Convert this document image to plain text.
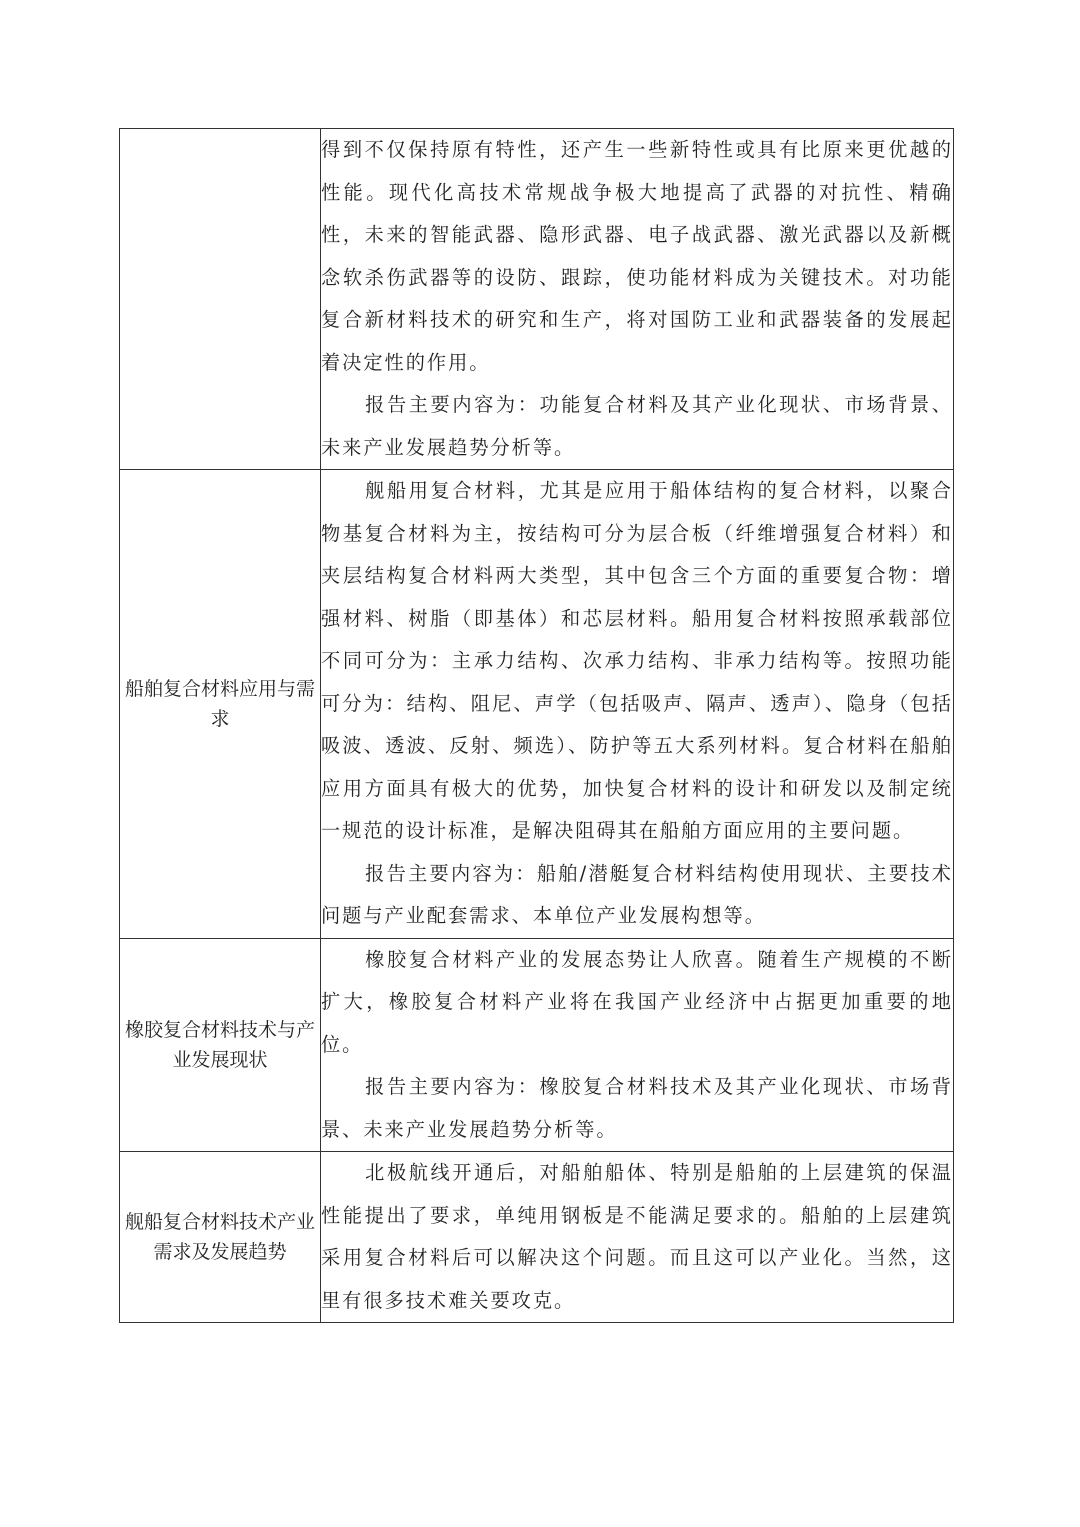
	得到不仅保持原有特性，还产生一些新特性或具有比原来更优越的性能。现代化高技术常规战争极大地提高了武器的对抗性、精确性，未来的智能武器、隐形武器、电子战武器、激光武器以及新概念软杀伤武器等的设防、跟踪，使功能材料成为关键技术。对功能复合新材料技术的研究和生产，将对国防工业和武器装备的发展起着决定性的作用。

报告主要内容为：功能复合材料及其产业化现状、市场背景、未来产业发展趋势分析等。

船舶复合材料应用与需求	舰船用复合材料，尤其是应用于船体结构的复合材料，以聚合物基复合材料为主，按结构可分为层合板（纤维增强复合材料）和夹层结构复合材料两大类型，其中包含三个方面的重要复合物：增强材料、树脂（即基体）和芯层材料。船用复合材料按照承载部位不同可分为：主承力结构、次承力结构、非承力结构等。按照功能可分为：结构、阻尼、声学（包括吸声、隔声、透声）、隐身（包括吸波、透波、反射、频选）、防护等五大系列材料。复合材料在船舶应用方面具有极大的优势，加快复合材料的设计和研发以及制定统一规范的设计标准，是解决阻碍其在船舶方面应用的主要问题。

报告主要内容为：船舶/潜艇复合材料结构使用现状、主要技术问题与产业配套需求、本单位产业发展构想等。

橡胶复合材料技术与产业发展现状	橡胶复合材料产业的发展态势让人欣喜。随着生产规模的不断扩大，橡胶复合材料产业将在我国产业经济中占据更加重要的地位。

报告主要内容为：橡胶复合材料技术及其产业化现状、市场背景、未来产业发展趋势分析等。

舰船复合材料技术产业需求及发展趋势	北极航线开通后，对船舶船体、特别是船舶的上层建筑的保温性能提出了要求，单纯用钢板是不能满足要求的。船舶的上层建筑采用复合材料后可以解决这个问题。而且这可以产业化。当然，这里有很多技术难关要攻克。
